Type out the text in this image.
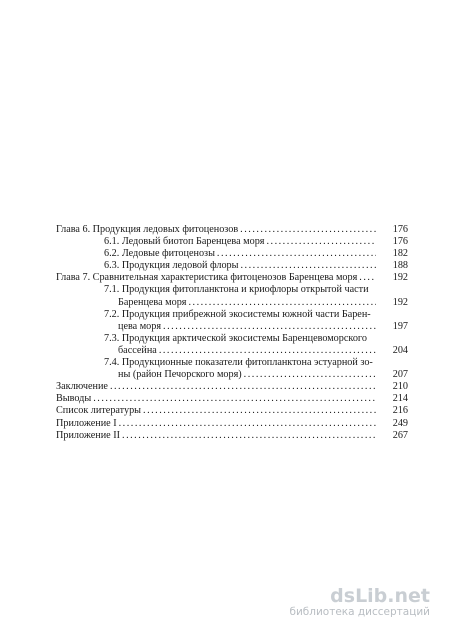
Глава 6. Продукция ледовых фитоценозов .....	176
6.1. Ледовый биотоп Баренцева моря .....	176
6.2. Ледовые фитоценозы .....	182
6.3. Продукция ледовой флоры .....	188
Глава 7. Сравнительная характеристика фитоценозов Баренцева моря .....	192
7.1. Продукция фитопланктона и криофлоры открытой части
Баренцева моря .....	192
7.2. Продукция прибрежной экосистемы южной части Барен-
цева моря .....	197
7.3. Продукция арктической экосистемы Баренцевоморского
бассейна .....	204
7.4. Продукционные показатели фитопланктона эстуарной зо-
ны (район Печорского моря) .....	207
Заключение .....	210
Выводы .....	214
Список литературы .....	216
Приложение I .....	249
Приложение II .....	267
dsLib.net
библиотека диссертаций
